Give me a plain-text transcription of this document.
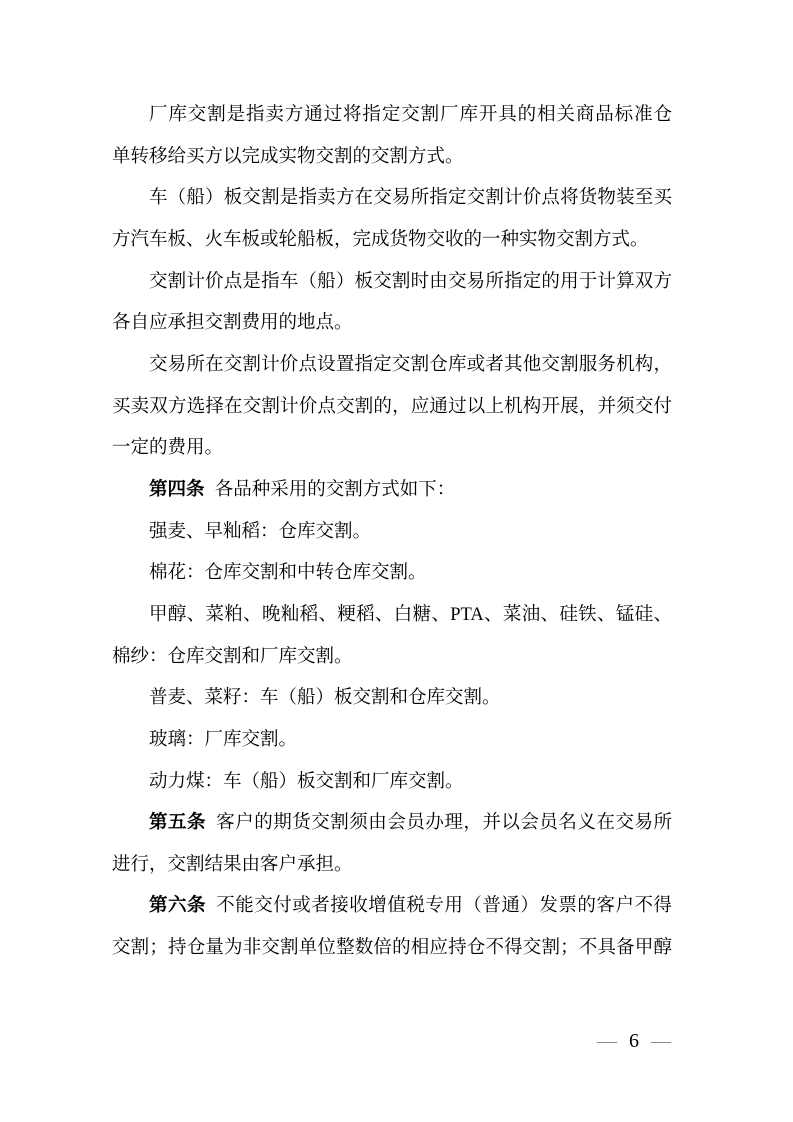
厂库交割是指卖方通过将指定交割厂库开具的相关商品标准仓
单转移给买方以完成实物交割的交割方式。
车（船）板交割是指卖方在交易所指定交割计价点将货物装至买
方汽车板、火车板或轮船板，完成货物交收的一种实物交割方式。
交割计价点是指车（船）板交割时由交易所指定的用于计算双方
各自应承担交割费用的地点。
交易所在交割计价点设置指定交割仓库或者其他交割服务机构，
买卖双方选择在交割计价点交割的，应通过以上机构开展，并须交付
一定的费用。
第四条 各品种采用的交割方式如下：
强麦、早籼稻：仓库交割。
棉花：仓库交割和中转仓库交割。
甲醇、菜粕、晚籼稻、粳稻、白糖、PTA、菜油、硅铁、锰硅、
棉纱：仓库交割和厂库交割。
普麦、菜籽：车（船）板交割和仓库交割。
玻璃：厂库交割。
动力煤：车（船）板交割和厂库交割。
第五条 客户的期货交割须由会员办理，并以会员名义在交易所
进行，交割结果由客户承担。
第六条 不能交付或者接收增值税专用（普通）发票的客户不得
交割；持仓量为非交割单位整数倍的相应持仓不得交割；不具备甲醇
— 6 —
